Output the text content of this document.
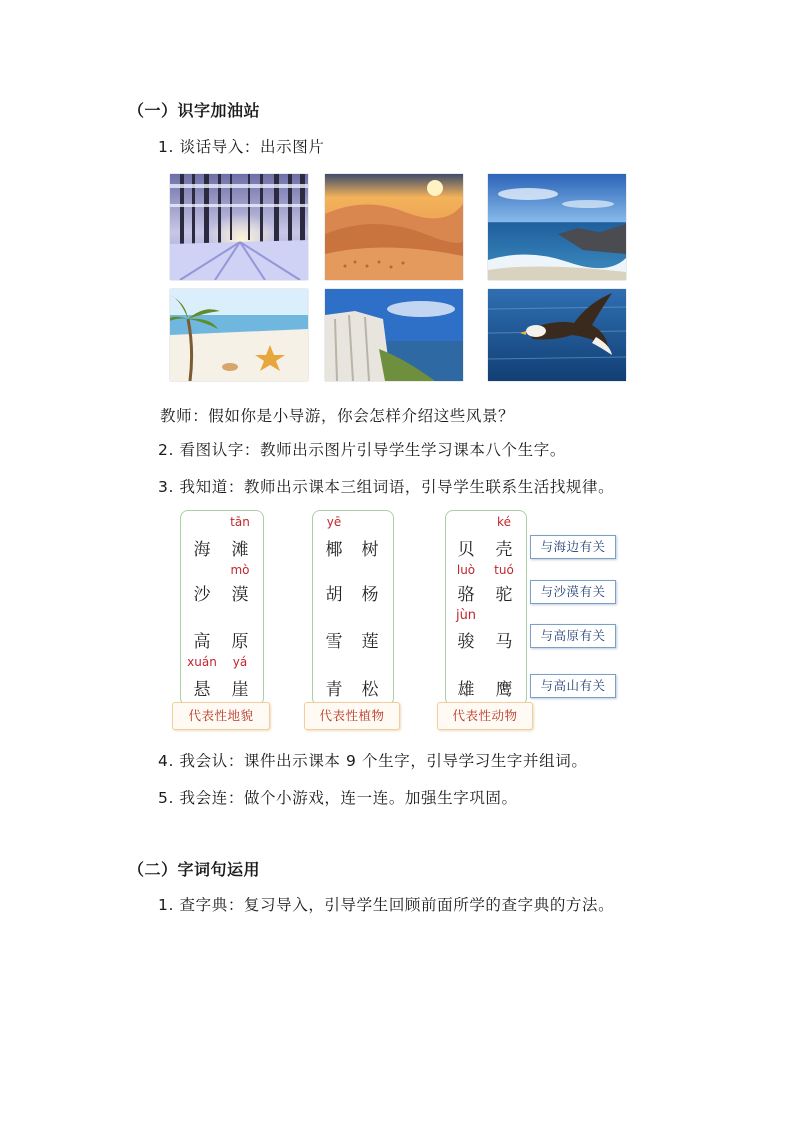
（一）识字加油站
1. 谈话导入：出示图片
教师：假如你是小导游，你会怎样介绍这些风景？
2. 看图认字：教师出示图片引导学生学习课本八个生字。
3. 我知道：教师出示课本三组词语，引导学生联系生活找规律。
tān
海 滩
mò
沙 漠
高 原
xuán	yá
悬 崖
yē
椰 树
胡 杨
雪 莲
青 松
ké
贝 壳
luò	tuó
骆 驼
jùn
骏 马
雄 鹰
代表性地貌	代表性植物	代表性动物
与海边有关
与沙漠有关
与高原有关
与高山有关
4. 我会认：课件出示课本 9 个生字，引导学习生字并组词。
5. 我会连：做个小游戏，连一连。加强生字巩固。
（二）字词句运用
1. 查字典：复习导入，引导学生回顾前面所学的查字典的方法。
